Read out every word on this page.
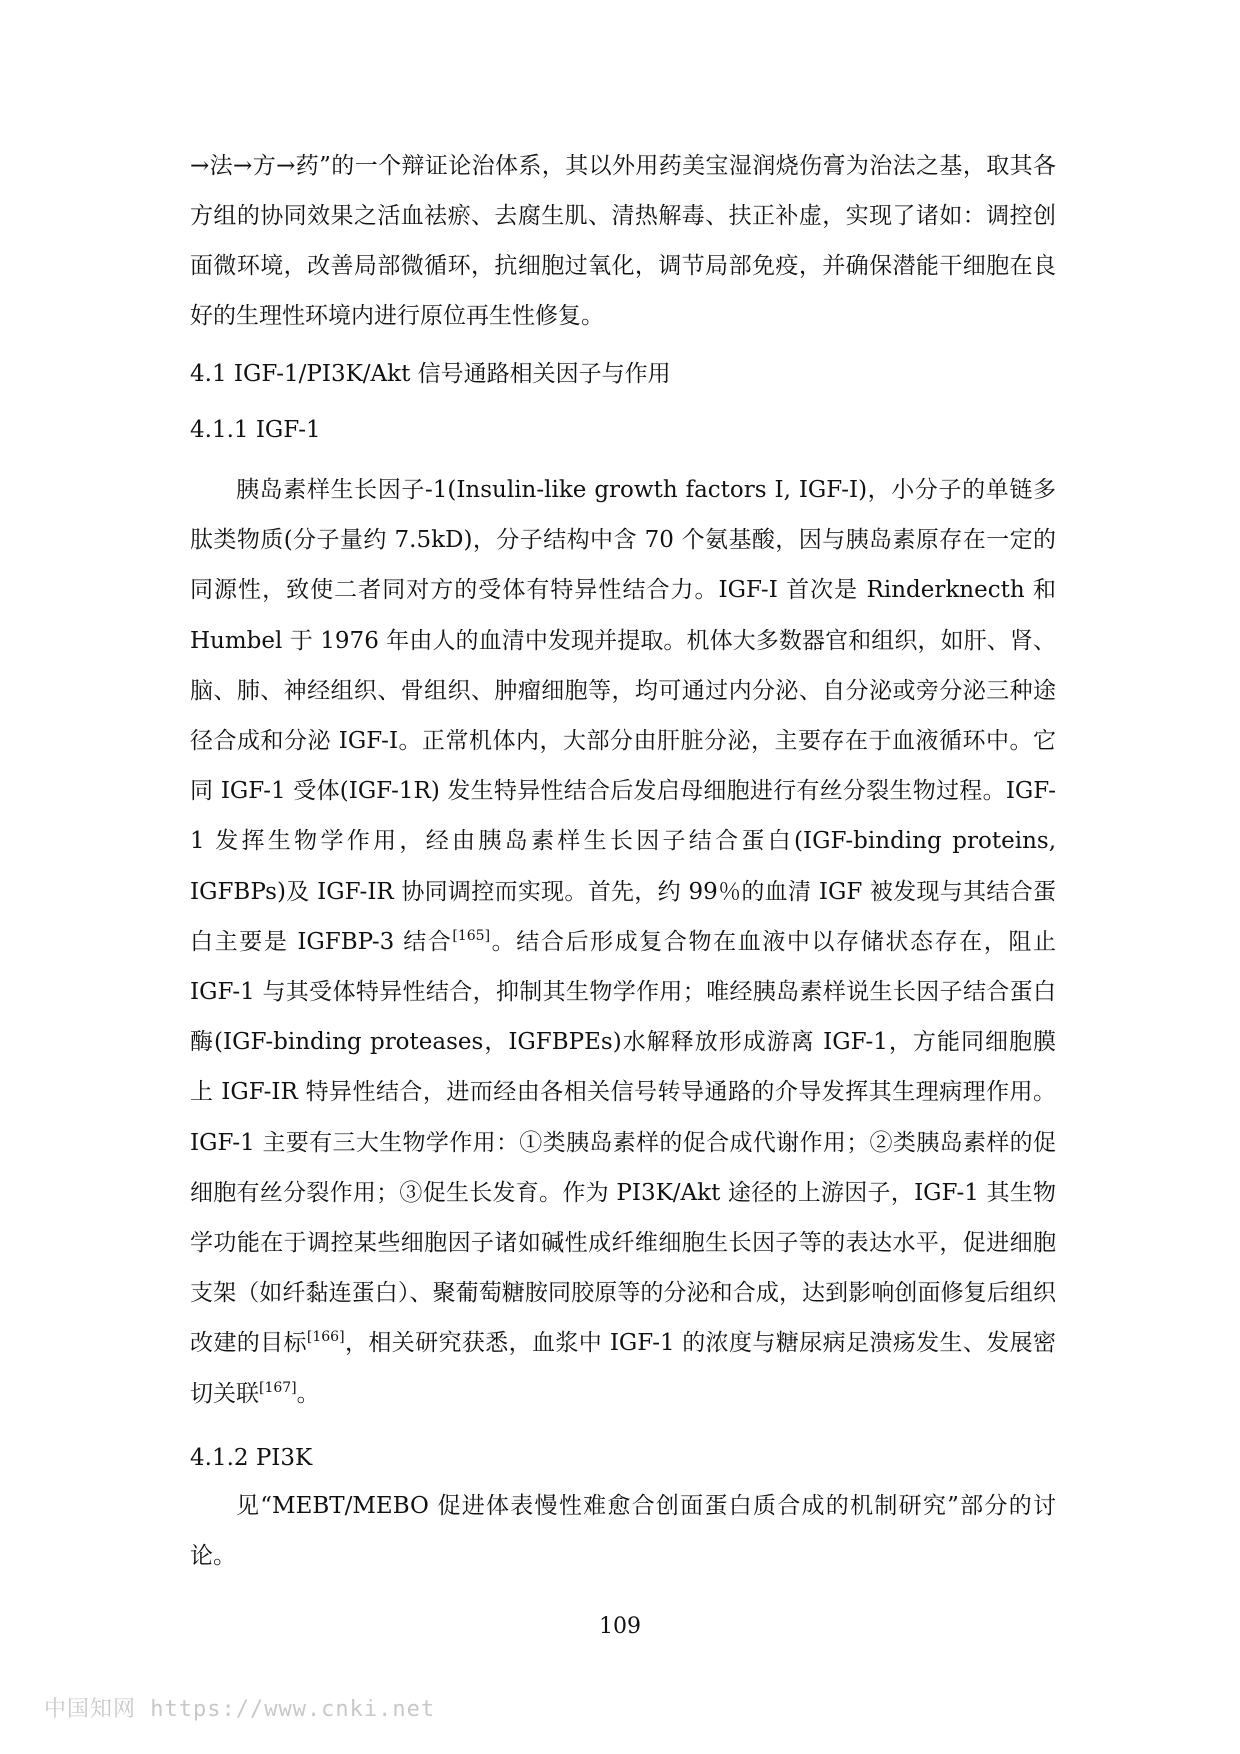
→法→方→药”的一个辩证论治体系，其以外用药美宝湿润烧伤膏为治法之基，取其各方组的协同效果之活血祛瘀、去腐生肌、清热解毒、扶正补虚，实现了诸如：调控创面微环境，改善局部微循环，抗细胞过氧化，调节局部免疫，并确保潜能干细胞在良好的生理性环境内进行原位再生性修复。

4.1 IGF-1/PI3K/Akt 信号通路相关因子与作用
4.1.1 IGF-1

胰岛素样生长因子-1(Insulin-like growth factors I, IGF-I)，小分子的单链多肽类物质(分子量约 7.5kD)，分子结构中含 70 个氨基酸，因与胰岛素原存在一定的同源性，致使二者同对方的受体有特异性结合力。IGF-I 首次是 Rinderknecth 和 Humbel 于 1976 年由人的血清中发现并提取。机体大多数器官和组织，如肝、肾、脑、肺、神经组织、骨组织、肿瘤细胞等，均可通过内分泌、自分泌或旁分泌三种途径合成和分泌 IGF-I。正常机体内，大部分由肝脏分泌，主要存在于血液循环中。它同 IGF-1 受体(IGF-1R) 发生特异性结合后发启母细胞进行有丝分裂生物过程。IGF-1 发挥生物学作用，经由胰岛素样生长因子结合蛋白(IGF-binding proteins, IGFBPs)及 IGF-IR 协同调控而实现。首先，约 99％的血清 IGF 被发现与其结合蛋白主要是 IGFBP-3 结合[165]。结合后形成复合物在血液中以存储状态存在，阻止 IGF-1 与其受体特异性结合，抑制其生物学作用；唯经胰岛素样说生长因子结合蛋白酶(IGF-binding proteases，IGFBPEs)水解释放形成游离 IGF-1，方能同细胞膜上 IGF-IR 特异性结合，进而经由各相关信号转导通路的介导发挥其生理病理作用。IGF-1 主要有三大生物学作用：①类胰岛素样的促合成代谢作用；②类胰岛素样的促细胞有丝分裂作用；③促生长发育。作为 PI3K/Akt 途径的上游因子，IGF-1 其生物学功能在于调控某些细胞因子诸如碱性成纤维细胞生长因子等的表达水平，促进细胞支架（如纤黏连蛋白）、聚葡萄糖胺同胶原等的分泌和合成，达到影响创面修复后组织改建的目标[166]，相关研究获悉，血浆中 IGF-1 的浓度与糖尿病足溃疡发生、发展密切关联[167]。

4.1.2 PI3K

见“MEBT/MEBO 促进体表慢性难愈合创面蛋白质合成的机制研究”部分的讨论。

109
中国知网 https://www.cnki.net
